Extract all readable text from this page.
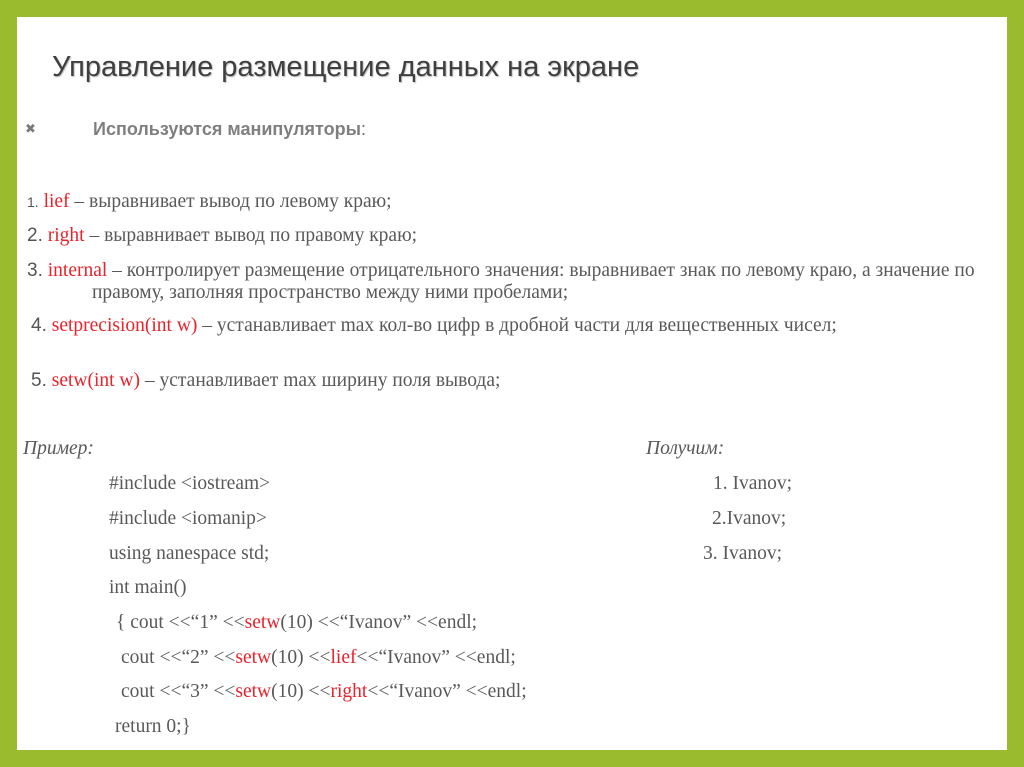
Управление размещение данных на экране
✖	Используются манипуляторы:
1. lief – выравнивает вывод по левому краю;
2. right – выравнивает вывод по правому краю;
3. internal – контролирует размещение отрицательного значения: выравнивает знак по левому краю, а значение по правому, заполняя пространство между ними пробелами;
4. setprecision(int w) – устанавливает max кол-во цифр в дробной части для вещественных чисел;
5. setw(int w) – устанавливает max ширину поля вывода;
Пример:	Получим:
#include <iostream>
#include <iomanip>
using nanespace std;
int main()
{ cout <<“1” <<setw(10) <<“Ivanov” <<endl;
cout <<“2” <<setw(10) <<lief<<“Ivanov” <<endl;
cout <<“3” <<setw(10) <<right<<“Ivanov” <<endl;
return 0;}
1. Ivanov;
2.Ivanov;
3. Ivanov;
